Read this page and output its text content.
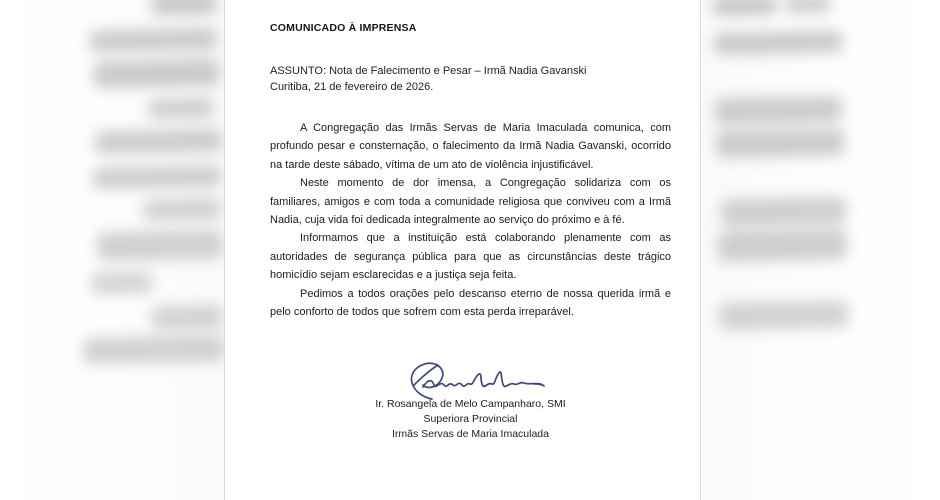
COMUNICADO À IMPRENSA

ASSUNTO: Nota de Falecimento e Pesar – Irmã Nadia Gavanski

Curitiba, 21 de fevereiro de 2026.

A Congregação das Irmãs Servas de Maria Imaculada comunica, com profundo pesar e consternação, o falecimento da Irmã Nadia Gavanski, ocorrido na tarde deste sábado, vítima de um ato de violência injustificável.

Neste momento de dor imensa, a Congregação solidariza com os familiares, amigos e com toda a comunidade religiosa que conviveu com a Irmã Nadia, cuja vida foi dedicada integralmente ao serviço do próximo e à fé.

Informamos que a instituição está colaborando plenamente com as autoridades de segurança pública para que as circunstâncias deste trágico homicídio sejam esclarecidas e a justiça seja feita.

Pedimos a todos orações pelo descanso eterno de nossa querida irmã e pelo conforto de todos que sofrem com esta perda irreparável.

Ir. Rosangela de Melo Campanharo, SMI
Superiora Provincial
Irmãs Servas de Maria Imaculada
